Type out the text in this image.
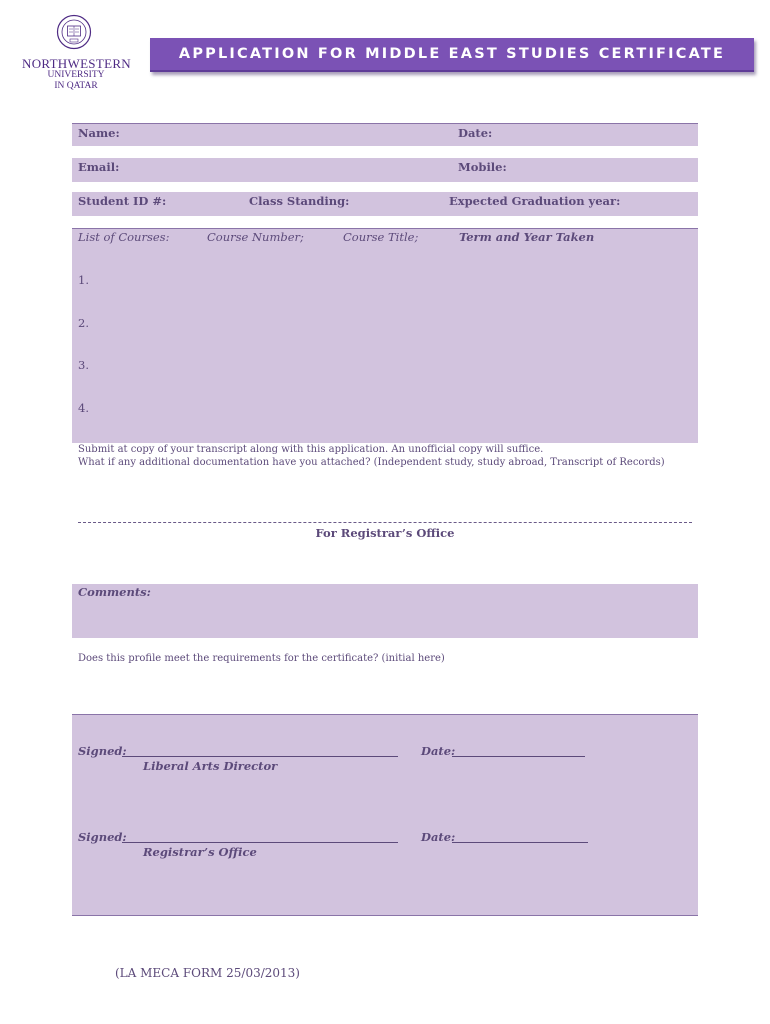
NORTHWESTERN
UNIVERSITY
IN QATAR
APPLICATION FOR MIDDLE EAST STUDIES CERTIFICATE
Name:	Date:
Email:	Mobile:
Student ID #:	Class Standing:	Expected Graduation year:
List of Courses:	Course Number;	Course Title;	Term and Year Taken
1.
2.
3.
4.
Submit at copy of your transcript along with this application. An unofficial copy will suffice.
What if any additional documentation have you attached? (Independent study, study abroad, Transcript of Records)
For Registrar’s Office
Comments:
Does this profile meet the requirements for the certificate? (initial here)
Signed:	Date:
Liberal Arts Director
Signed:	Date:
Registrar’s Office
(LA MECA FORM 25/03/2013)
